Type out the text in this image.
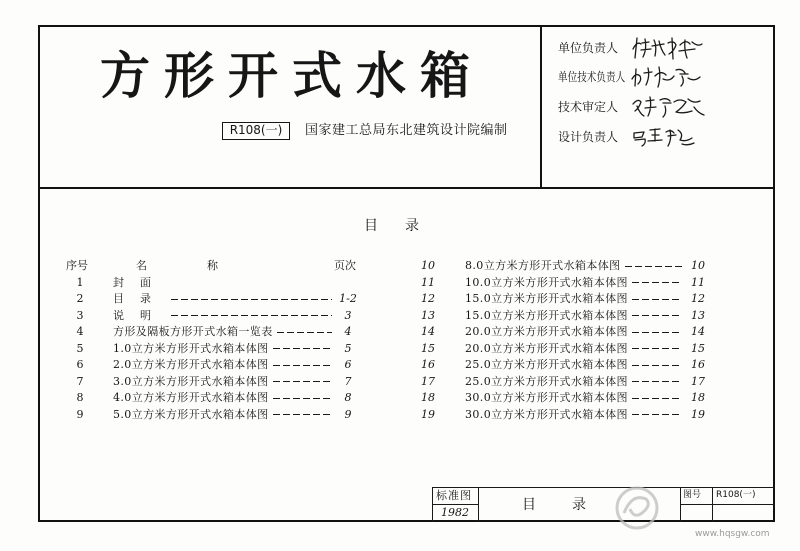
方形开式水箱
R108(一)	国家建工总局东北建筑设计院编制
单位负责人
单位技术负责人
技术审定人
设计负责人
目录
序号	名称	页次
1	封面
2	目录	1-2
3	说明	3
4	方形及隔板方形开式水箱一览表	4
5	1.0立方米方形开式水箱本体图	5
6	2.0立方米方形开式水箱本体图	6
7	3.0立方米方形开式水箱本体图	7
8	4.0立方米方形开式水箱本体图	8
9	5.0立方米方形开式水箱本体图	9
10	8.0立方米方形开式水箱本体图	10
11	10.0立方米方形开式水箱本体图	11
12	15.0立方米方形开式水箱本体图	12
13	15.0立方米方形开式水箱本体图	13
14	20.0立方米方形开式水箱本体图	14
15	20.0立方米方形开式水箱本体图	15
16	25.0立方米方形开式水箱本体图	16
17	25.0立方米方形开式水箱本体图	17
18	30.0立方米方形开式水箱本体图	18
19	30.0立方米方形开式水箱本体图	19
标准图
1982	目录
图号 R108(一)
www.hqsgw.com
